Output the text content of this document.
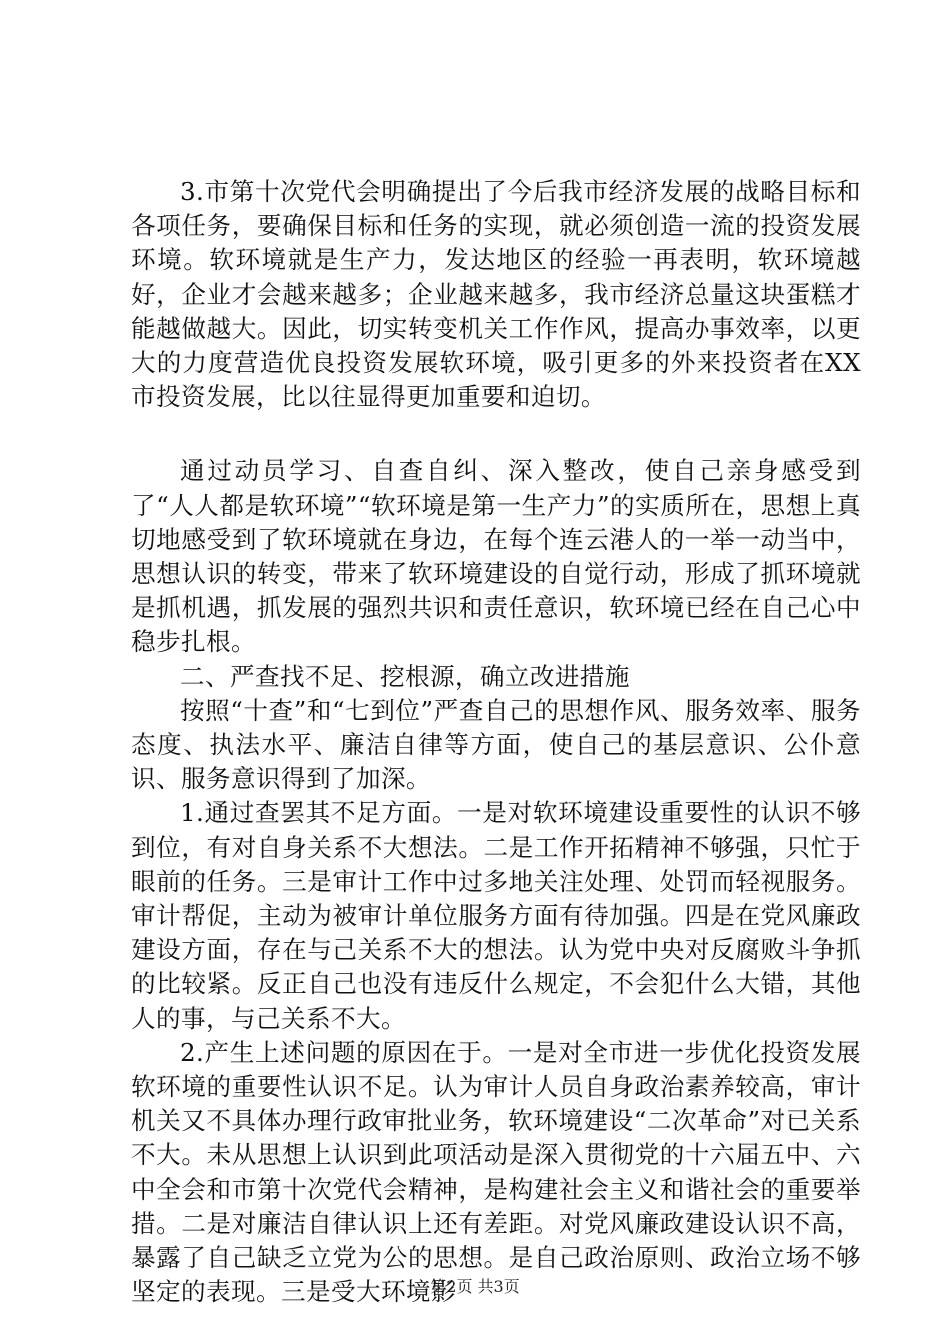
3.市第十次党代会明确提出了今后我市经济发展的战略目标和各项任务，要确保目标和任务的实现，就必须创造一流的投资发展环境。软环境就是生产力，发达地区的经验一再表明，软环境越好，企业才会越来越多；企业越来越多，我市经济总量这块蛋糕才能越做越大。因此，切实转变机关工作作风，提高办事效率，以更大的力度营造优良投资发展软环境，吸引更多的外来投资者在XX市投资发展，比以往显得更加重要和迫切。

通过动员学习、自查自纠、深入整改，使自己亲身感受到了“人人都是软环境”“软环境是第一生产力”的实质所在，思想上真切地感受到了软环境就在身边，在每个连云港人的一举一动当中，思想认识的转变，带来了软环境建设的自觉行动，形成了抓环境就是抓机遇，抓发展的强烈共识和责任意识，软环境已经在自己心中稳步扎根。

二、严查找不足、挖根源，确立改进措施

按照“十查”和“七到位”严查自己的思想作风、服务效率、服务态度、执法水平、廉洁自律等方面，使自己的基层意识、公仆意识、服务意识得到了加深。

1.通过查罢其不足方面。一是对软环境建设重要性的认识不够到位，有对自身关系不大想法。二是工作开拓精神不够强，只忙于眼前的任务。三是审计工作中过多地关注处理、处罚而轻视服务。审计帮促，主动为被审计单位服务方面有待加强。四是在党风廉政建设方面，存在与己关系不大的想法。认为党中央对反腐败斗争抓的比较紧。反正自己也没有违反什么规定，不会犯什么大错，其他人的事，与己关系不大。

2.产生上述问题的原因在于。一是对全市进一步优化投资发展软环境的重要性认识不足。认为审计人员自身政治素养较高，审计机关又不具体办理行政审批业务，软环境建设“二次革命”对已关系不大。未从思想上认识到此项活动是深入贯彻党的十六届五中、六中全会和市第十次党代会精神，是构建社会主义和谐社会的重要举措。二是对廉洁自律认识上还有差距。对党风廉政建设认识不高，暴露了自己缺乏立党为公的思想。是自己政治原则、政治立场不够坚定的表现。三是受大环境影

第2页 共3页
